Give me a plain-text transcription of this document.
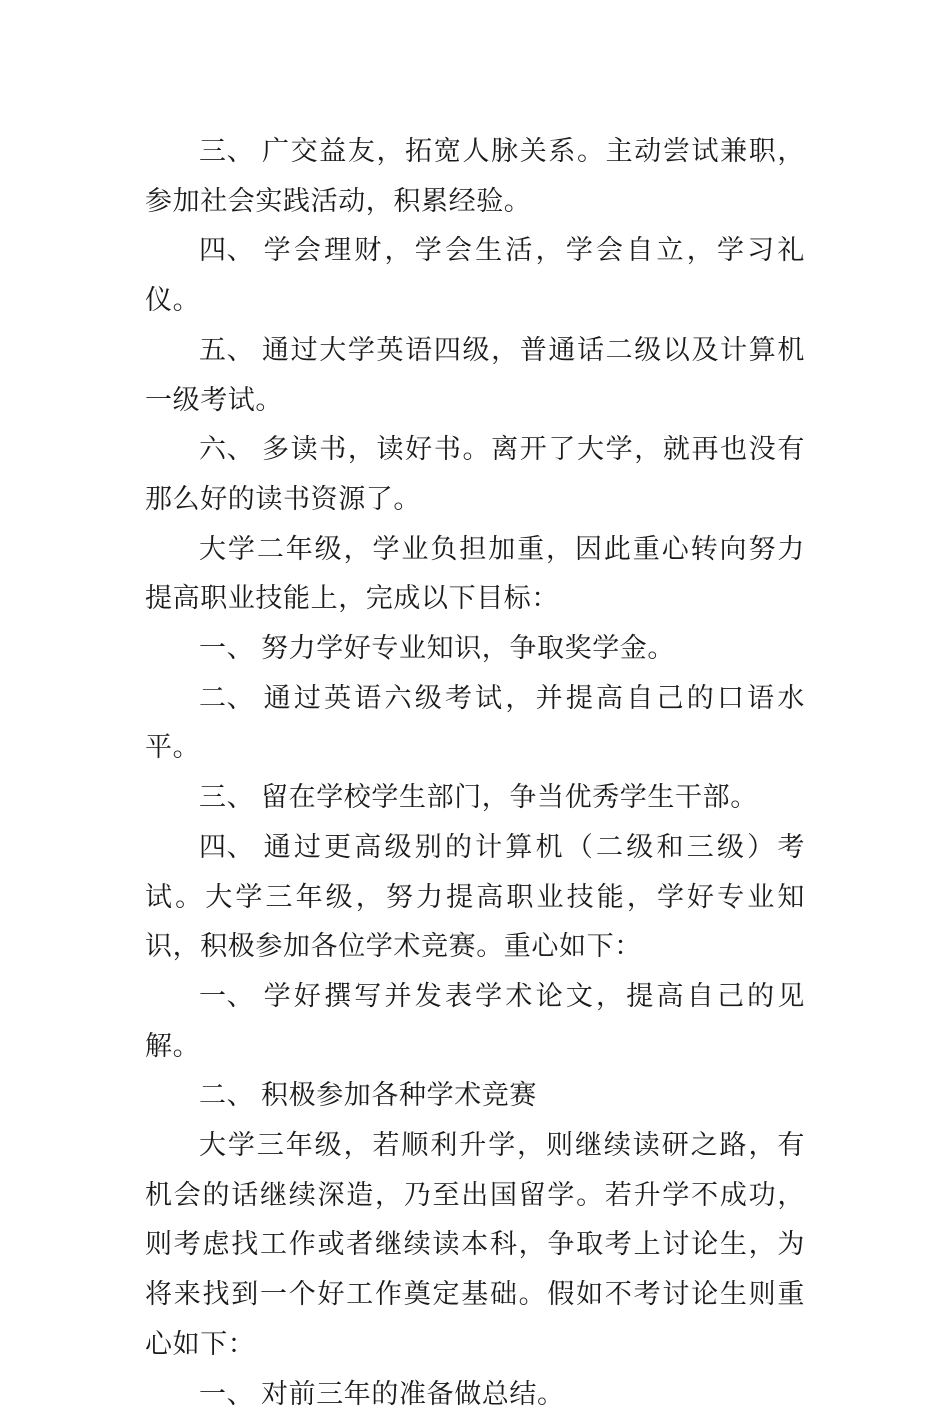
三、 广交益友，拓宽人脉关系。主动尝试兼职，参加社会实践活动，积累经验。

四、 学会理财，学会生活，学会自立，学习礼仪。

五、 通过大学英语四级，普通话二级以及计算机一级考试。

六、 多读书，读好书。离开了大学，就再也没有那么好的读书资源了。

大学二年级，学业负担加重，因此重心转向努力提高职业技能上，完成以下目标：

一、 努力学好专业知识，争取奖学金。

二、 通过英语六级考试，并提高自己的口语水平。

三、 留在学校学生部门，争当优秀学生干部。

四、 通过更高级别的计算机（二级和三级）考试。大学三年级，努力提高职业技能，学好专业知识，积极参加各位学术竞赛。重心如下：

一、 学好撰写并发表学术论文，提高自己的见解。

二、 积极参加各种学术竞赛

大学三年级，若顺利升学，则继续读研之路，有机会的话继续深造，乃至出国留学。若升学不成功，则考虑找工作或者继续读本科，争取考上讨论生，为将来找到一个好工作奠定基础。假如不考讨论生则重心如下：

一、 对前三年的准备做总结。
